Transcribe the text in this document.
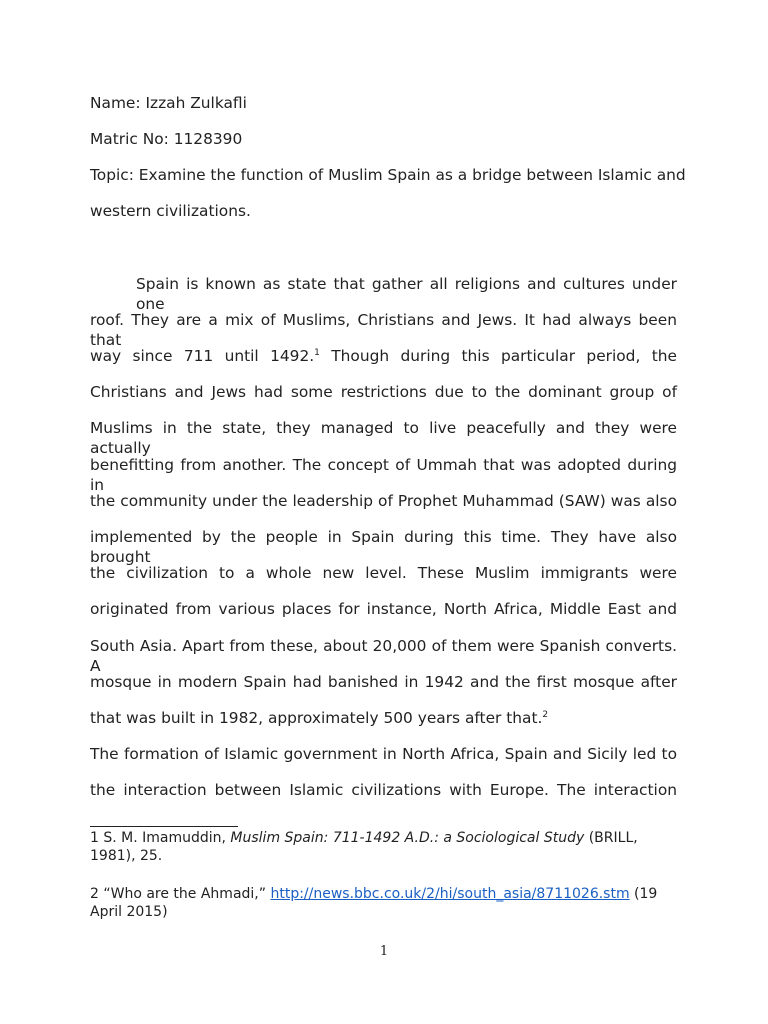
Name: Izzah Zulkafli
Matric No: 1128390
Topic: Examine the function of Muslim Spain as a bridge between Islamic and
western civilizations.
Spain is known as state that gather all religions and cultures under one
roof. They are a mix of Muslims, Christians and Jews. It had always been that
way since 711 until 1492.$^1$ Though during this particular period, the
Christians and Jews had some restrictions due to the dominant group of
Muslims in the state, they managed to live peacefully and they were actually
benefitting from another. The concept of Ummah that was adopted during in
the community under the leadership of Prophet Muhammad (SAW) was also
implemented by the people in Spain during this time. They have also brought
the civilization to a whole new level. These Muslim immigrants were
originated from various places for instance, North Africa, Middle East and
South Asia. Apart from these, about 20,000 of them were Spanish converts. A
mosque in modern Spain had banished in 1942 and the first mosque after
that was built in 1982, approximately 500 years after that.$^2$
The formation of Islamic government in North Africa, Spain and Sicily led to
the interaction between Islamic civilizations with Europe. The interaction
1 S. M. Imamuddin, Muslim Spain: 711-1492 A.D.: a Sociological Study (BRILL, 1981), 25.
2 “Who are the Ahmadi,” http://news.bbc.co.uk/2/hi/south_asia/8711026.stm (19 April 2015)
1
